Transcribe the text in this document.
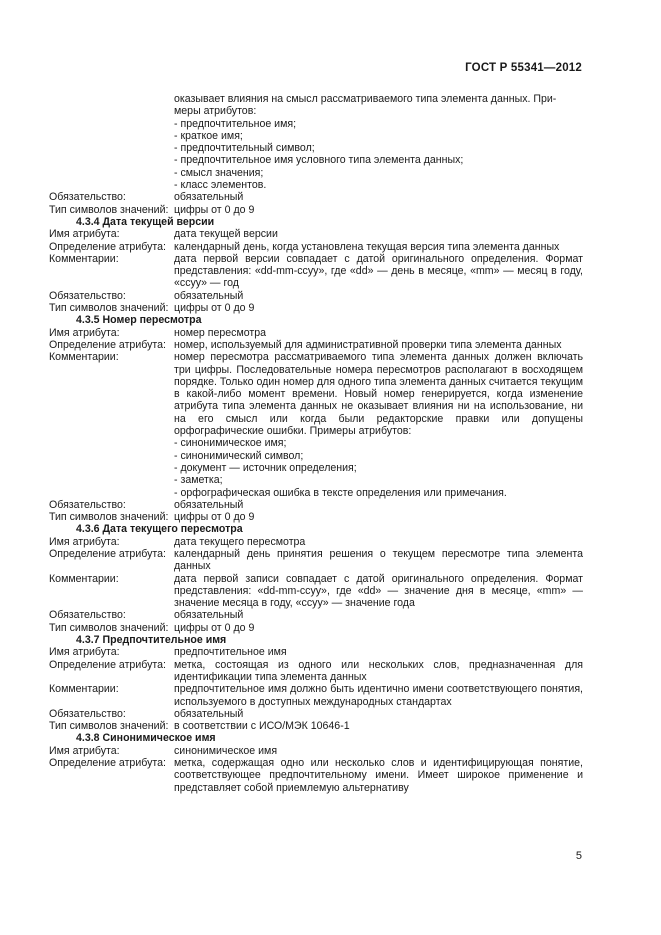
ГОСТ Р 55341—2012
оказывает влияния на смысл рассматриваемого типа элемента данных. При-
меры атрибутов:
- предпочтительное имя;
- краткое имя;
- предпочтительный символ;
- предпочтительное имя условного типа элемента данных;
- смысл значения;
- класс элементов.
Обязательство:	обязательный
Тип символов значений: цифры от 0 до 9
4.3.4 Дата текущей версии
Имя атрибута:	дата текущей версии
Определение атрибута: календарный день, когда установлена текущая версия типа элемента данных
Комментарии:	дата первой версии совпадает с датой оригинального определения. Формат представления: «dd-mm-ccyy», где «dd» — день в месяце, «mm» — месяц в году, «ccyy» — год
Обязательство:	обязательный
Тип символов значений: цифры от 0 до 9
4.3.5 Номер пересмотра
Имя атрибута:	номер пересмотра
Определение атрибута: номер, используемый для административной проверки типа элемента данных
Комментарии:	номер пересмотра рассматриваемого типа элемента данных должен включать три цифры. Последовательные номера пересмотров располагают в восходящем порядке. Только один номер для одного типа элемента данных считается текущим в какой-либо момент времени. Новый номер генерируется, когда изменение атрибута типа элемента данных не оказывает влияния ни на использование, ни на его смысл или когда были редакторские правки или допущены орфографические ошибки. Примеры атрибутов:

- синонимическое имя;

- синонимический символ;

- документ — источник определения;

- заметка;

- орфографическая ошибка в тексте определения или примечания.

Обязательство:	обязательный
Тип символов значений: цифры от 0 до 9
4.3.6 Дата текущего пересмотра
Имя атрибута:	дата текущего пересмотра
Определение атрибута: календарный день принятия решения о текущем пересмотре типа элемента данных
Комментарии:	дата первой записи совпадает с датой оригинального определения. Формат представления: «dd-mm-ccyy», где «dd» — значение дня в месяце, «mm» — значение месяца в году, «ccyy» — значение года
Обязательство:	обязательный
Тип символов значений: цифры от 0 до 9
4.3.7 Предпочтительное имя
Имя атрибута:	предпочтительное имя
Определение атрибута: метка, состоящая из одного или нескольких слов, предназначенная для идентификации типа элемента данных
Комментарии:	предпочтительное имя должно быть идентично имени соответствующего понятия, используемого в доступных международных стандартах
Обязательство:	обязательный
Тип символов значений: в соответствии с ИСО/МЭК 10646-1
4.3.8 Синонимическое имя
Имя атрибута:	синонимическое имя
Определение атрибута: метка, содержащая одно или несколько слов и идентифицирующая понятие, соответствующее предпочтительному имени. Имеет широкое применение и представляет собой приемлемую альтернативу
5
